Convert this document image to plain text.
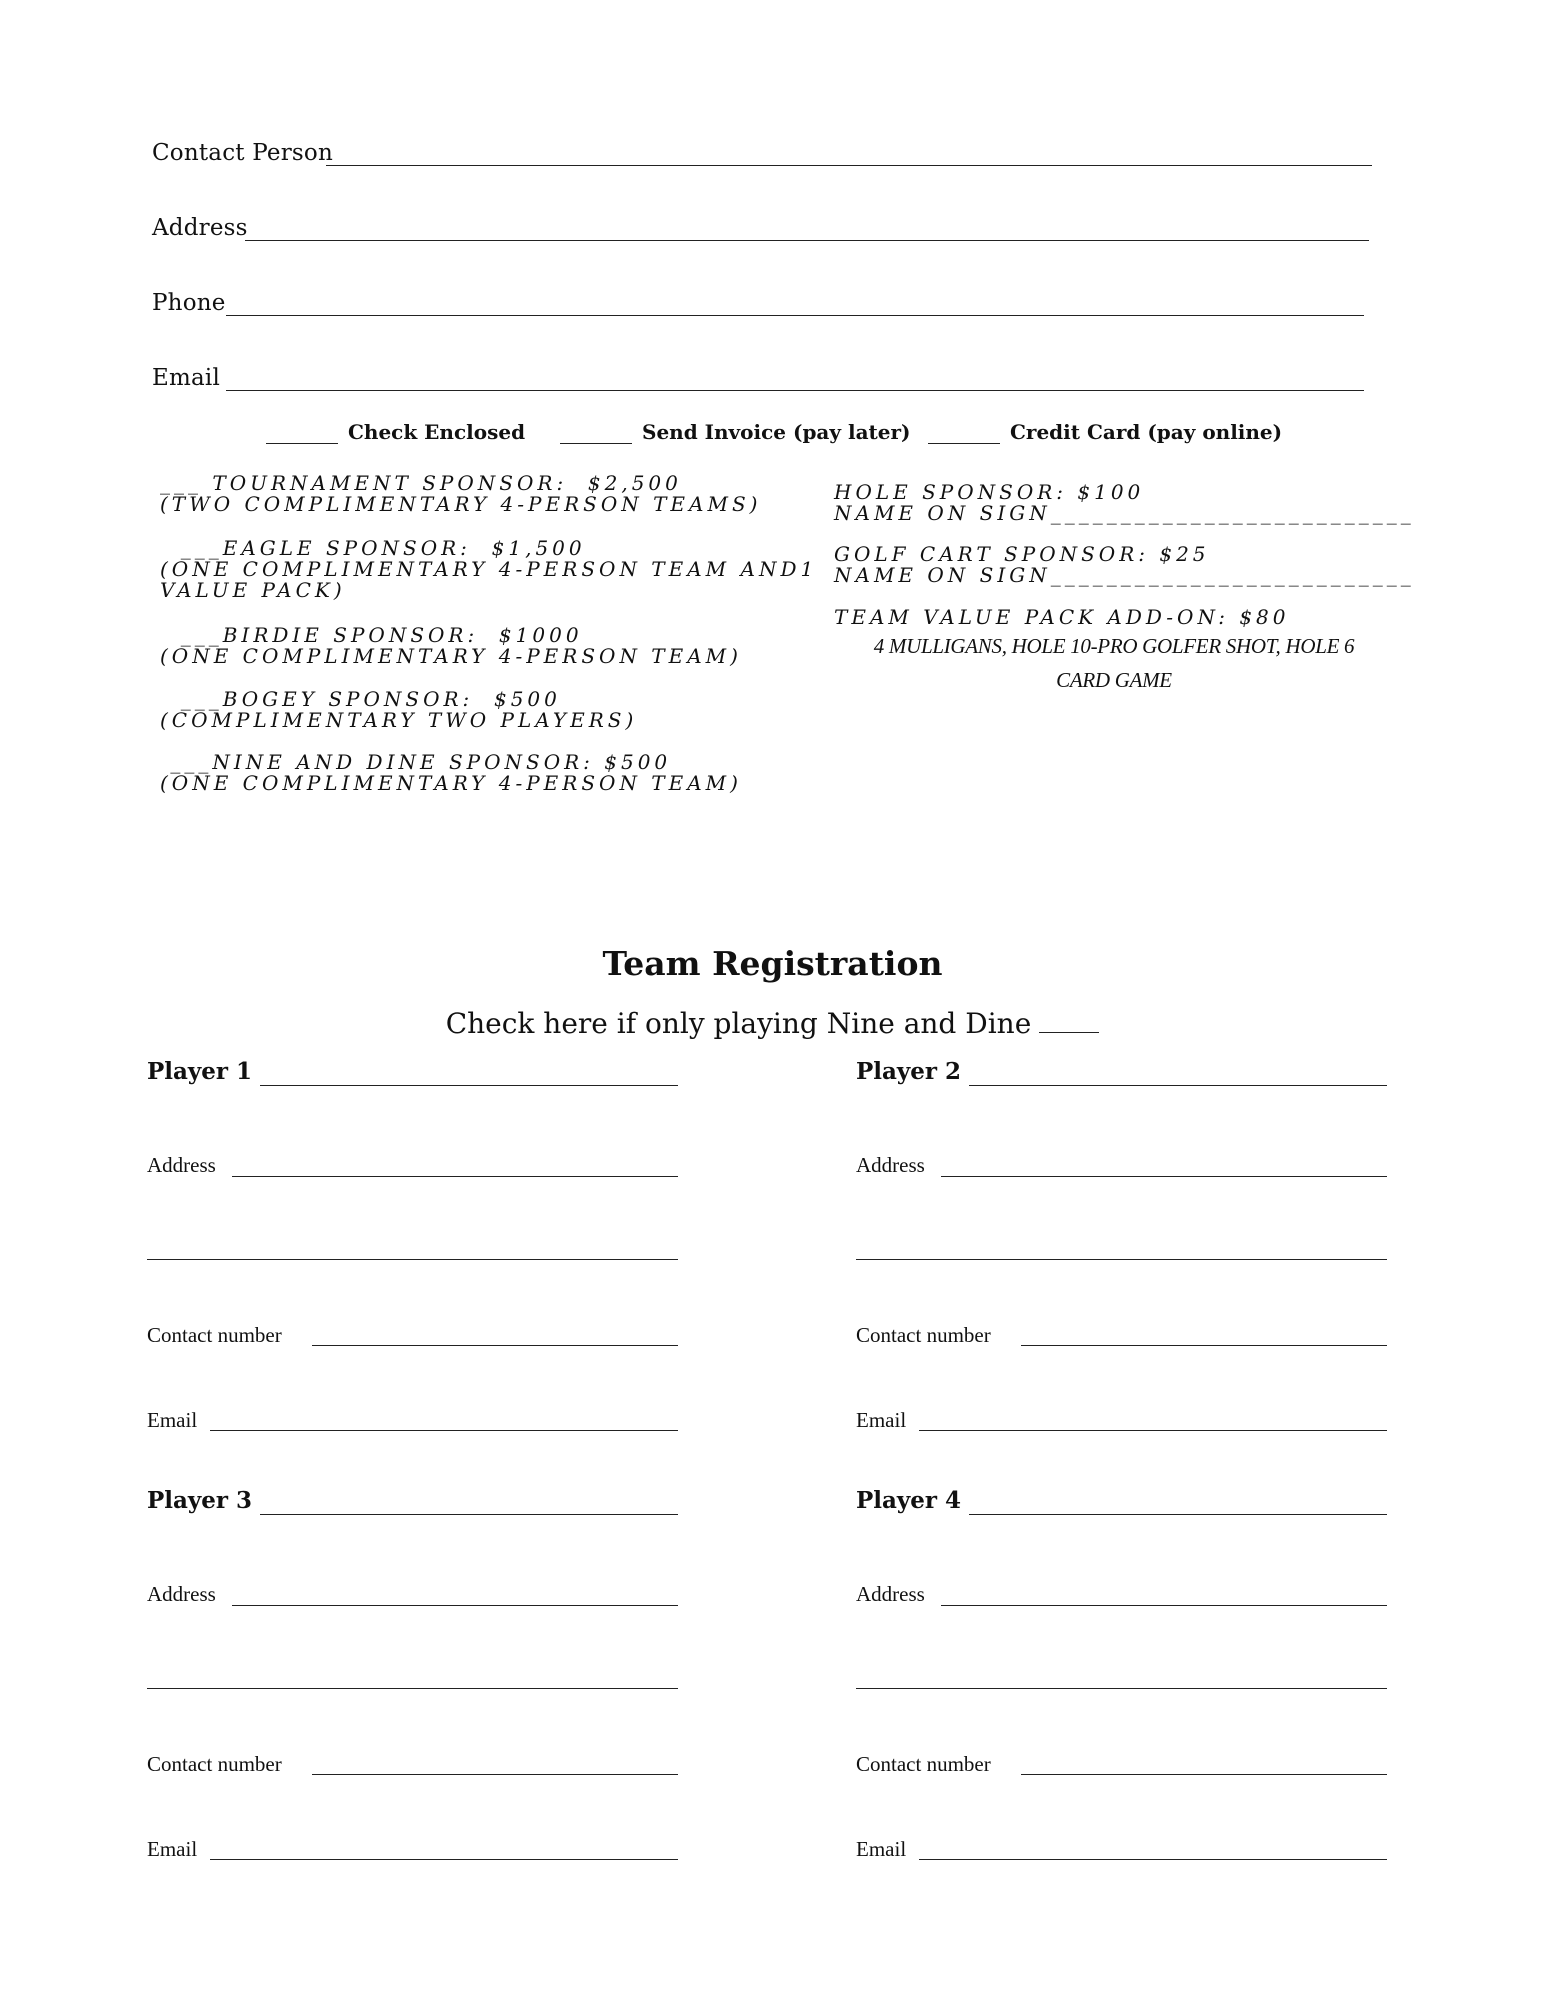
Contact Person
Address
Phone
Email
Check Enclosed	Send Invoice (pay later)	Credit Card (pay online)
___ TOURNAMENT SPONSOR:  $2,500
(TWO COMPLIMENTARY 4-PERSON TEAMS)
___EAGLE SPONSOR:  $1,500
(ONE COMPLIMENTARY 4-PERSON TEAM AND1
VALUE PACK)
___BIRDIE SPONSOR:  $1000
(ONE COMPLIMENTARY 4-PERSON TEAM)
___BOGEY SPONSOR:  $500
(COMPLIMENTARY TWO PLAYERS)
___NINE AND DINE SPONSOR: $500
(ONE COMPLIMENTARY 4-PERSON TEAM)
HOLE SPONSOR: $100
NAME ON SIGN__________________________
GOLF CART SPONSOR: $25
NAME ON SIGN__________________________
TEAM VALUE PACK ADD-ON: $80
4 MULLIGANS, HOLE 10-PRO GOLFER SHOT, HOLE 6
CARD GAME
Team Registration
Check here if only playing Nine and Dine
Player 1
Address
Contact number
Email
Player 2
Address
Contact number
Email
Player 3
Address
Contact number
Email
Player 4
Address
Contact number
Email
